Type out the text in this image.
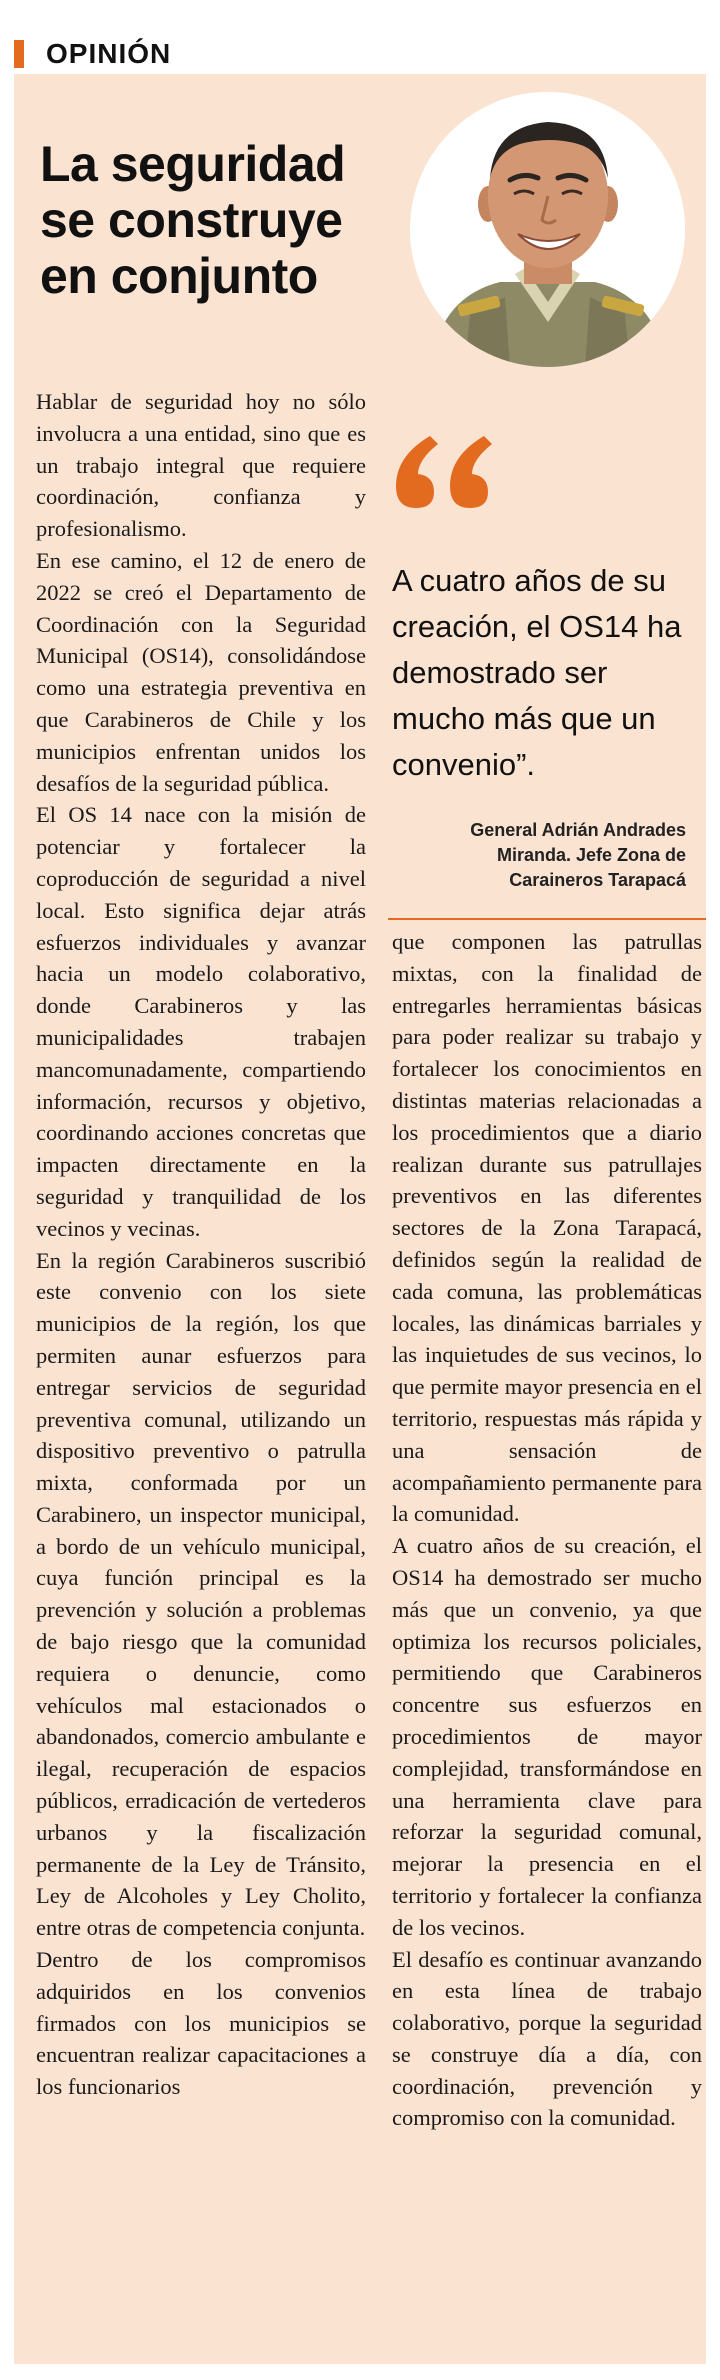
OPINIÓN
La seguridad
se construye
en conjunto
A cuatro años de su
creación, el OS14 ha
demostrado ser
mucho más que un
convenio”.
General Adrián Andrades
Miranda. Jefe Zona de
Caraineros Tarapacá

Hablar de seguridad hoy no sólo involucra a una entidad, sino que es un trabajo integral que requiere coordinación, confianza y profesionalismo.

En ese camino, el 12 de enero de 2022 se creó el Departamento de Coordinación con la Seguridad Municipal (OS14), consolidándose como una estrategia preventiva en que Carabineros de Chile y los municipios enfrentan unidos los desafíos de la seguridad pública.

El OS 14 nace con la misión de potenciar y fortalecer la coproducción de seguridad a nivel local. Esto significa dejar atrás esfuerzos individuales y avanzar hacia un modelo colaborativo, donde Carabineros y las municipalidades trabajen mancomunadamente, compartiendo información, recursos y objetivo, coordinando acciones concretas que impacten directamente en la seguridad y tranquilidad de los vecinos y vecinas.

En la región Carabineros suscribió este convenio con los siete municipios de la región, los que permiten aunar esfuerzos para entregar servicios de seguridad preventiva comunal, utilizando un dispositivo preventivo o patrulla mixta, conformada por un Carabinero, un inspector municipal, a bordo de un vehículo municipal, cuya función principal es la prevención y solución a problemas de bajo riesgo que la comunidad requiera o denuncie, como vehículos mal estacionados o abandonados, comercio ambulante e ilegal, recuperación de espacios públicos, erradicación de vertederos urbanos y la fiscalización permanente de la Ley de Tránsito, Ley de Alcoholes y Ley Cholito, entre otras de competencia conjunta.

Dentro de los compromisos adquiridos en los convenios firmados con los municipios se encuentran realizar capacitaciones a los funcionarios

que componen las patrullas mixtas, con la finalidad de entregarles herramientas básicas para poder realizar su trabajo y fortalecer los conocimientos en distintas materias relacionadas a los procedimientos que a diario realizan durante sus patrullajes preventivos en las diferentes sectores de la Zona Tarapacá, definidos según la realidad de cada comuna, las problemáticas locales, las dinámicas barriales y las inquietudes de sus vecinos, lo que permite mayor presencia en el territorio, respuestas más rápida y una sensación de acompañamiento permanente para la comunidad.

A cuatro años de su creación, el OS14 ha demostrado ser mucho más que un convenio, ya que optimiza los recursos policiales, permitiendo que Carabineros concentre sus esfuerzos en procedimientos de mayor complejidad, transformándose en una herramienta clave para reforzar la seguridad comunal, mejorar la presencia en el territorio y fortalecer la confianza de los vecinos.

El desafío es continuar avanzando en esta línea de trabajo colaborativo, porque la seguridad se construye día a día, con coordinación, prevención y compromiso con la comunidad.
